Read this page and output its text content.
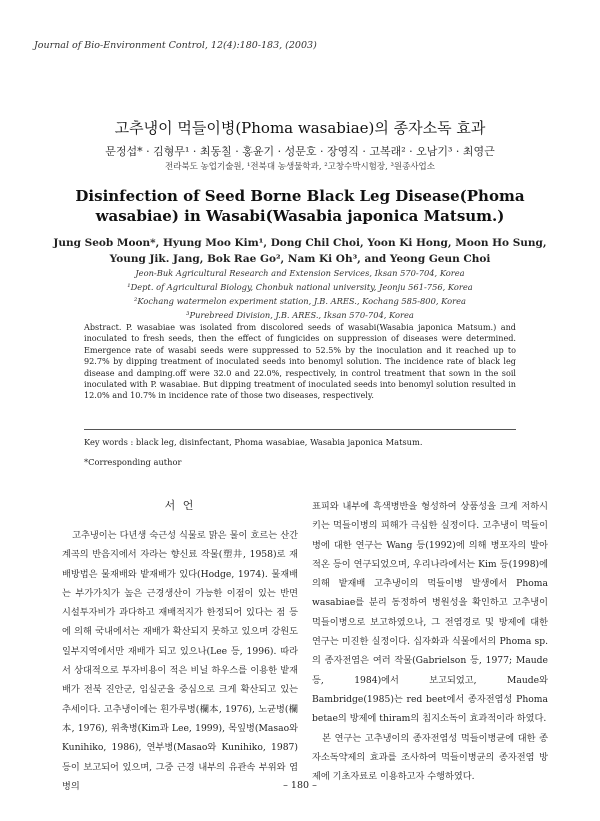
Journal of Bio-Environment Control, 12(4):180-183, (2003)
고추냉이 먹들이병(Phoma wasabiae)의 종자소독 효과
문정섭* · 김형무¹ · 최동칠 · 홍윤기 · 성문호 · 장영직 · 고복래² · 오남기³ · 최영근
전라북도 농업기술원, ¹전북대 농생물학과, ²고창수박시험장, ³원종사업소
Disinfection of Seed Borne Black Leg Disease(Phoma wasabiae) in Wasabi(Wasabia japonica Matsum.)
Jung Seob Moon*, Hyung Moo Kim¹, Dong Chil Choi, Yoon Ki Hong, Moon Ho Sung, Young Jik. Jang, Bok Rae Go², Nam Ki Oh³, and Yeong Geun Choi
Jeon-Buk Agricultural Research and Extension Services, Iksan 570-704, Korea
¹Dept. of Agricultural Biology, Chonbuk national university, Jeonju 561-756, Korea
²Kochang watermelon experiment station, J.B. ARES., Kochang 585-800, Korea
³Purebreed Division, J.B. ARES., Iksan 570-704, Korea
Abstract. P. wasabiae was isolated from discolored seeds of wasabi(Wasabia japonica Matsum.) and inoculated to fresh seeds, then the effect of fungicides on suppression of diseases were determined. Emergence rate of wasabi seeds were suppressed to 52.5% by the inoculation and it reached up to 92.7% by dipping treatment of inoculated seeds into benomyl solution. The incidence rate of black leg disease and damping.off were 32.0 and 22.0%, respectively, in control treatment that sown in the soil inoculated with P. wasabiae. But dipping treatment of inoculated seeds into benomyl solution resulted in 12.0% and 10.7% in incidence rate of those two diseases, respectively.
Key words : black leg, disinfectant, Phoma wasabiae, Wasabia japonica Matsum.
*Corresponding author
서 언

고추냉이는 다년생 숙근성 식물로 맑은 물이 흐르는 산간계곡의 반음지에서 자라는 향신료 작물(塑井, 1958)로 재배방법은 물재배와 밭재배가 있다(Hodge, 1974). 물재배는 부가가치가 높은 근경생산이 가능한 이점이 있는 반면 시설투자비가 과다하고 재배적지가 한정되어 있다는 점 등에 의해 국내에서는 재배가 확산되지 못하고 있으며 강원도 일부지역에서만 재배가 되고 있으나(Lee 등, 1996). 따라서 상대적으로 투자비용이 적은 비닐 하우스를 이용한 밭재배가 전북 진안군, 임실군을 중심으로 크게 확산되고 있는 추세이다. 고추냉이에는 흰가루병(欄本, 1976), 노균병(欄本, 1976), 위축병(Kim과 Lee, 1999), 목잎병(Masao와 Kunihiko, 1986), 연부병(Masao와 Kunihiko, 1987) 등이 보고되어 있으며, 그중 근경 내부의 유관속 부위와 엽병의

표피와 내부에 흑색병반을 형성하여 상품성을 크게 저하시키는 먹들이병의 피해가 극심한 실정이다. 고추냉이 먹들이병에 대한 연구는 Wang 등(1992)에 의해 병포자의 발아적온 등이 연구되었으며, 우리나라에서는 Kim 등(1998)에 의해 밭재배 고추냉이의 먹들이병 발생에서 Phoma wasabiae를 분리 동정하여 병원성을 확인하고 고추냉이 먹들이병으로 보고하였으나, 그 전염경로 및 방제에 대한 연구는 미진한 실정이다. 십자화과 식물에서의 Phoma sp.의 종자전염은 여러 작물(Gabrielson 등, 1977; Maude 등, 1984)에서 보고되었고, Maude와 Bambridge(1985)는 red beet에서 종자전염성 Phoma betae의 방제에 thiram의 침지소독이 효과적이라 하였다.

본 연구는 고추냉이의 종자전염성 먹들이병균에 대한 종자소독약제의 효과를 조사하여 먹들이병균의 종자전염 방제에 기초자료로 이용하고자 수행하였다.

– 180 –
